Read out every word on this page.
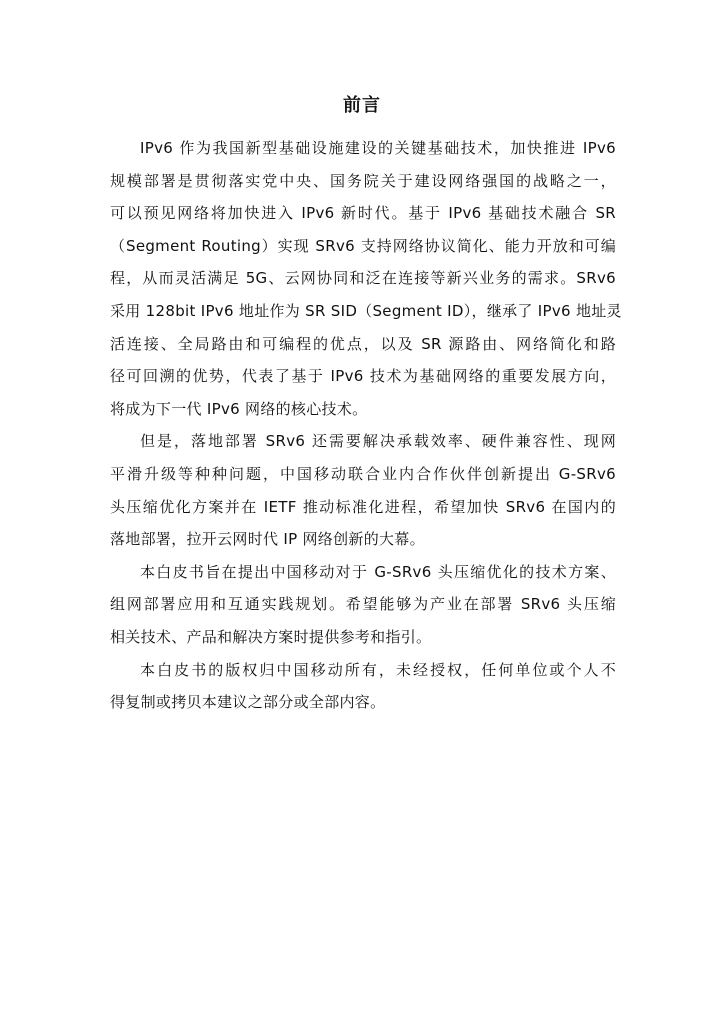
前言

IPv6 作为我国新型基础设施建设的关键基础技术，加快推进 IPv6
规模部署是贯彻落实党中央、国务院关于建设网络强国的战略之一，
可以预见网络将加快进入 IPv6 新时代。基于 IPv6 基础技术融合 SR
（Segment Routing）实现 SRv6 支持网络协议简化、能力开放和可编
程，从而灵活满足 5G、云网协同和泛在连接等新兴业务的需求。SRv6
采用 128bit IPv6 地址作为 SR SID（Segment ID），继承了 IPv6 地址灵
活连接、全局路由和可编程的优点，以及 SR 源路由、网络简化和路
径可回溯的优势，代表了基于 IPv6 技术为基础网络的重要发展方向，
将成为下一代 IPv6 网络的核心技术。

但是，落地部署 SRv6 还需要解决承载效率、硬件兼容性、现网
平滑升级等种种问题，中国移动联合业内合作伙伴创新提出 G-SRv6
头压缩优化方案并在 IETF 推动标准化进程，希望加快 SRv6 在国内的
落地部署，拉开云网时代 IP 网络创新的大幕。

本白皮书旨在提出中国移动对于 G-SRv6 头压缩优化的技术方案、
组网部署应用和互通实践规划。希望能够为产业在部署 SRv6 头压缩
相关技术、产品和解决方案时提供参考和指引。

本白皮书的版权归中国移动所有，未经授权，任何单位或个人不
得复制或拷贝本建议之部分或全部内容。
